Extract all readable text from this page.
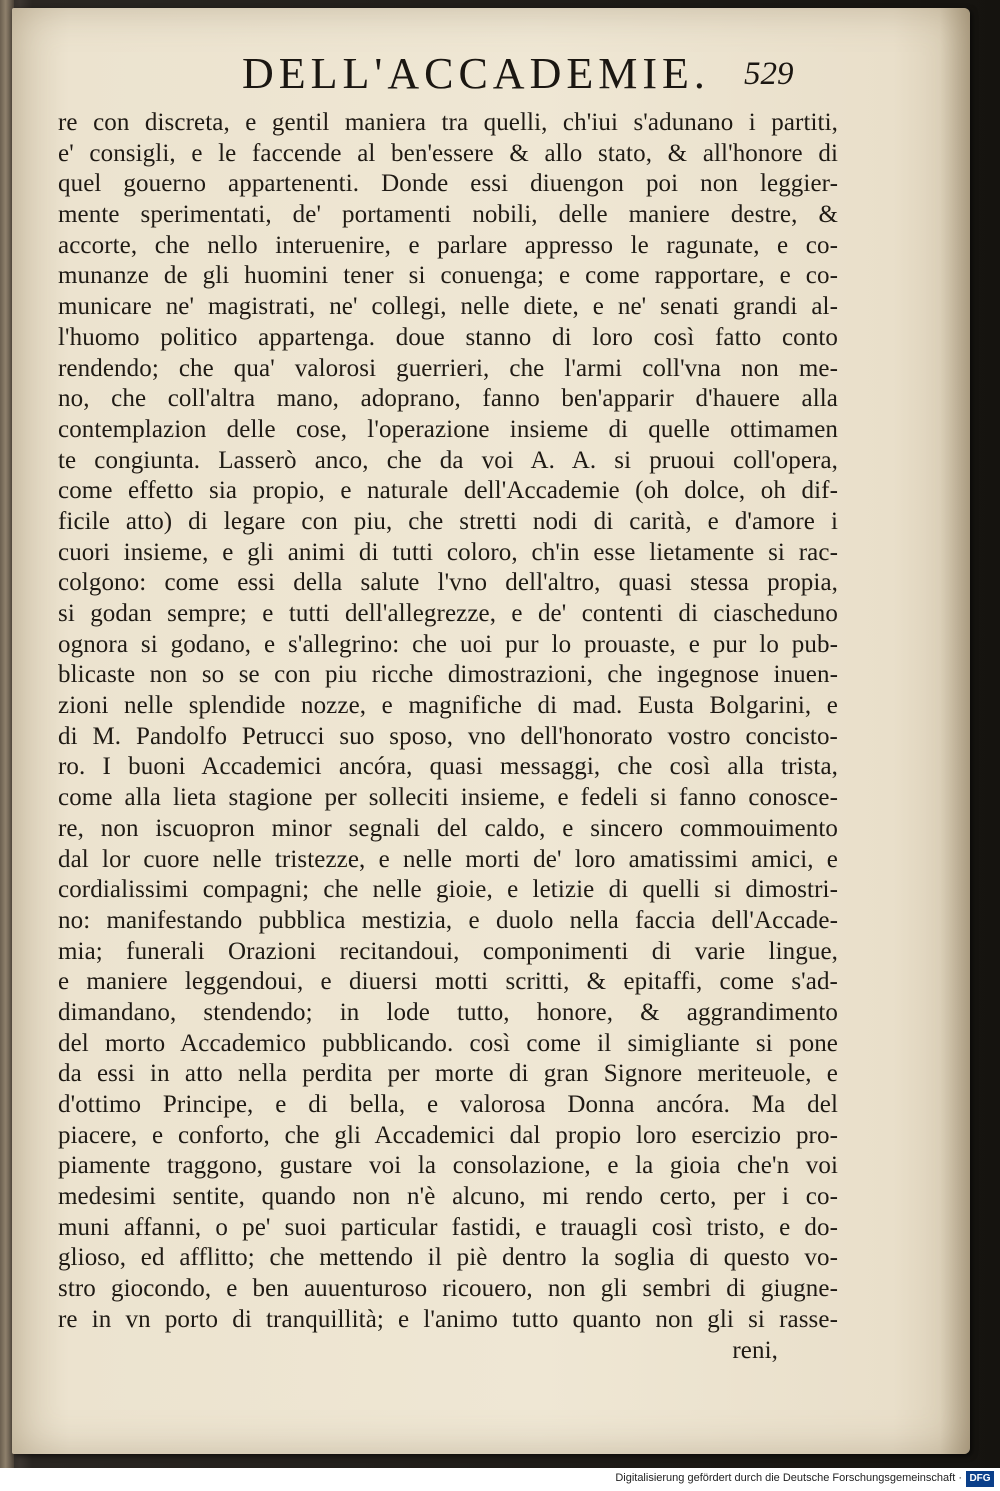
DELL'ACCADEMIE. 529
re con discreta, e gentil maniera tra quelli, ch'iui s'adunano i partiti,
e' consigli, e le faccende al ben'essere & allo stato, & all'honore di
quel gouerno appartenenti. Donde essi diuengon poi non leggier-
mente sperimentati, de' portamenti nobili, delle maniere destre, &
accorte, che nello interuenire, e parlare appresso le ragunate, e co-
munanze de gli huomini tener si conuenga; e come rapportare, e co-
municare ne' magistrati, ne' collegi, nelle diete, e ne' senati grandi al-
l'huomo politico appartenga. doue stanno di loro così fatto conto
rendendo; che qua' valorosi guerrieri, che l'armi coll'vna non me-
no, che coll'altra mano, adoprano, fanno ben'apparir d'hauere alla
contemplazion delle cose, l'operazione insieme di quelle ottimamen
te congiunta. Lasserò anco, che da voi A. A. si pruoui coll'opera,
come effetto sia propio, e naturale dell'Accademie (oh dolce, oh dif-
ficile atto) di legare con piu, che stretti nodi di carità, e d'amore i
cuori insieme, e gli animi di tutti coloro, ch'in esse lietamente si rac-
colgono: come essi della salute l'vno dell'altro, quasi stessa propia,
si godan sempre; e tutti dell'allegrezze, e de' contenti di ciascheduno
ognora si godano, e s'allegrino: che uoi pur lo prouaste, e pur lo pub-
blicaste non so se con piu ricche dimostrazioni, che ingegnose inuen-
zioni nelle splendide nozze, e magnifiche di mad. Eusta Bolgarini, e
di M. Pandolfo Petrucci suo sposo, vno dell'honorato vostro concisto-
ro. I buoni Accademici ancóra, quasi messaggi, che così alla trista,
come alla lieta stagione per solleciti insieme, e fedeli si fanno conosce-
re, non iscuopron minor segnali del caldo, e sincero commouimento
dal lor cuore nelle tristezze, e nelle morti de' loro amatissimi amici, e
cordialissimi compagni; che nelle gioie, e letizie di quelli si dimostri-
no: manifestando pubblica mestizia, e duolo nella faccia dell'Accade-
mia; funerali Orazioni recitandoui, componimenti di varie lingue,
e maniere leggendoui, e diuersi motti scritti, & epitaffi, come s'ad-
dimandano, stendendo; in lode tutto, honore, & aggrandimento
del morto Accademico pubblicando. così come il simigliante si pone
da essi in atto nella perdita per morte di gran Signore meriteuole, e
d'ottimo Principe, e di bella, e valorosa Donna ancóra. Ma del
piacere, e conforto, che gli Accademici dal propio loro esercizio pro-
piamente traggono, gustare voi la consolazione, e la gioia che'n voi
medesimi sentite, quando non n'è alcuno, mi rendo certo, per i co-
muni affanni, o pe' suoi particular fastidi, e trauagli così tristo, e do-
glioso, ed afflitto; che mettendo il piè dentro la soglia di questo vo-
stro giocondo, e ben auuenturoso ricouero, non gli sembri di giugne-
re in vn porto di tranquillità; e l'animo tutto quanto non gli si rasse-
reni,
Digitalisierung gefördert durch die Deutsche Forschungsgemeinschaft · DFG
